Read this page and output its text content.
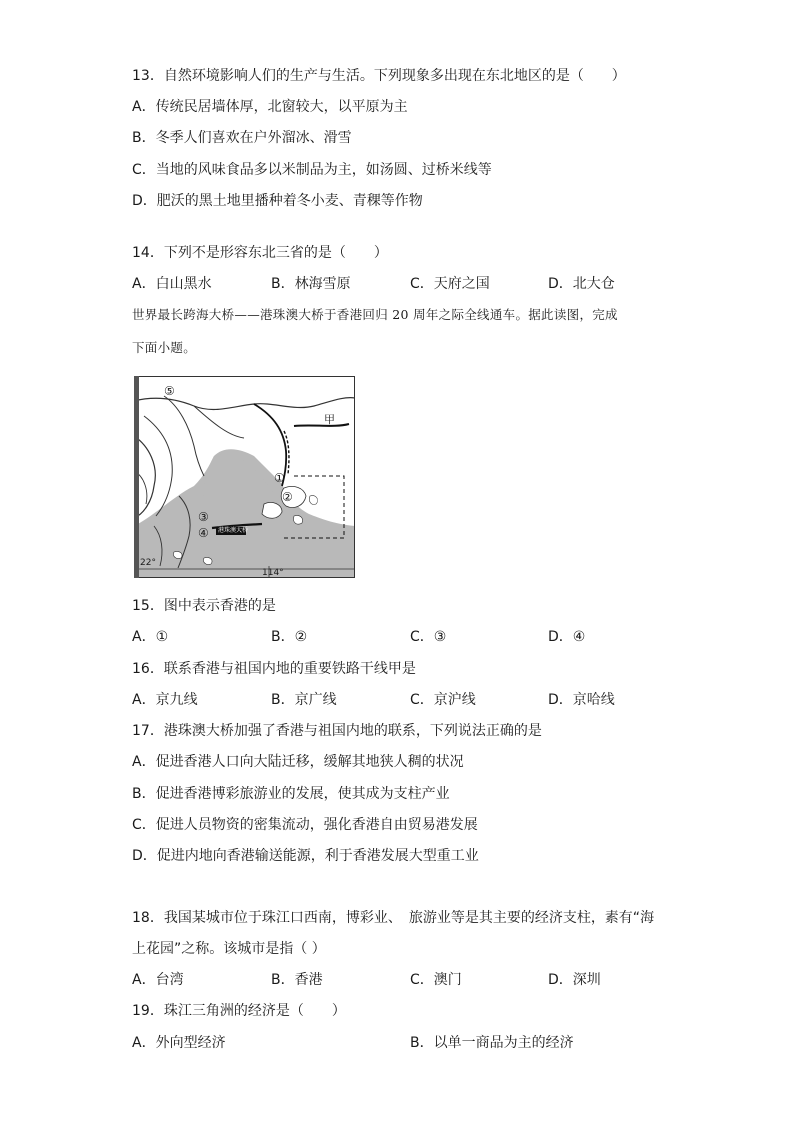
13．自然环境影响人们的生产与生活。下列现象多出现在东北地区的是（　　）
A．传统民居墙体厚，北窗较大，以平原为主
B．冬季人们喜欢在户外溜冰、滑雪
C．当地的风味食品多以米制品为主，如汤圆、过桥米线等
D．肥沃的黑土地里播种着冬小麦、青稞等作物
14．下列不是形容东北三省的是（　　）
A．白山黑水	B．林海雪原	C．天府之国	D．北大仓
世界最长跨海大桥——港珠澳大桥于香港回归 20 周年之际全线通车。据此读图，完成
下面小题。
⑤
甲
①
②
③
④ 港珠澳大桥
22°
114°
15．图中表示香港的是
A．①	B．②	C．③	D．④
16．联系香港与祖国内地的重要铁路干线甲是
A．京九线	B．京广线	C．京沪线	D．京哈线
17．港珠澳大桥加强了香港与祖国内地的联系，下列说法正确的是
A．促进香港人口向大陆迁移，缓解其地狭人稠的状况
B．促进香港博彩旅游业的发展，使其成为支柱产业
C．促进人员物资的密集流动，强化香港自由贸易港发展
D．促进内地向香港输送能源，利于香港发展大型重工业
18．我国某城市位于珠江口西南，博彩业、　旅游业等是其主要的经济支柱，素有“海
上花园”之称。该城市是指（ ）
A．台湾	B．香港	C．澳门	D．深圳
19．珠江三角洲的经济是（　　）
A．外向型经济	B．以单一商品为主的经济
